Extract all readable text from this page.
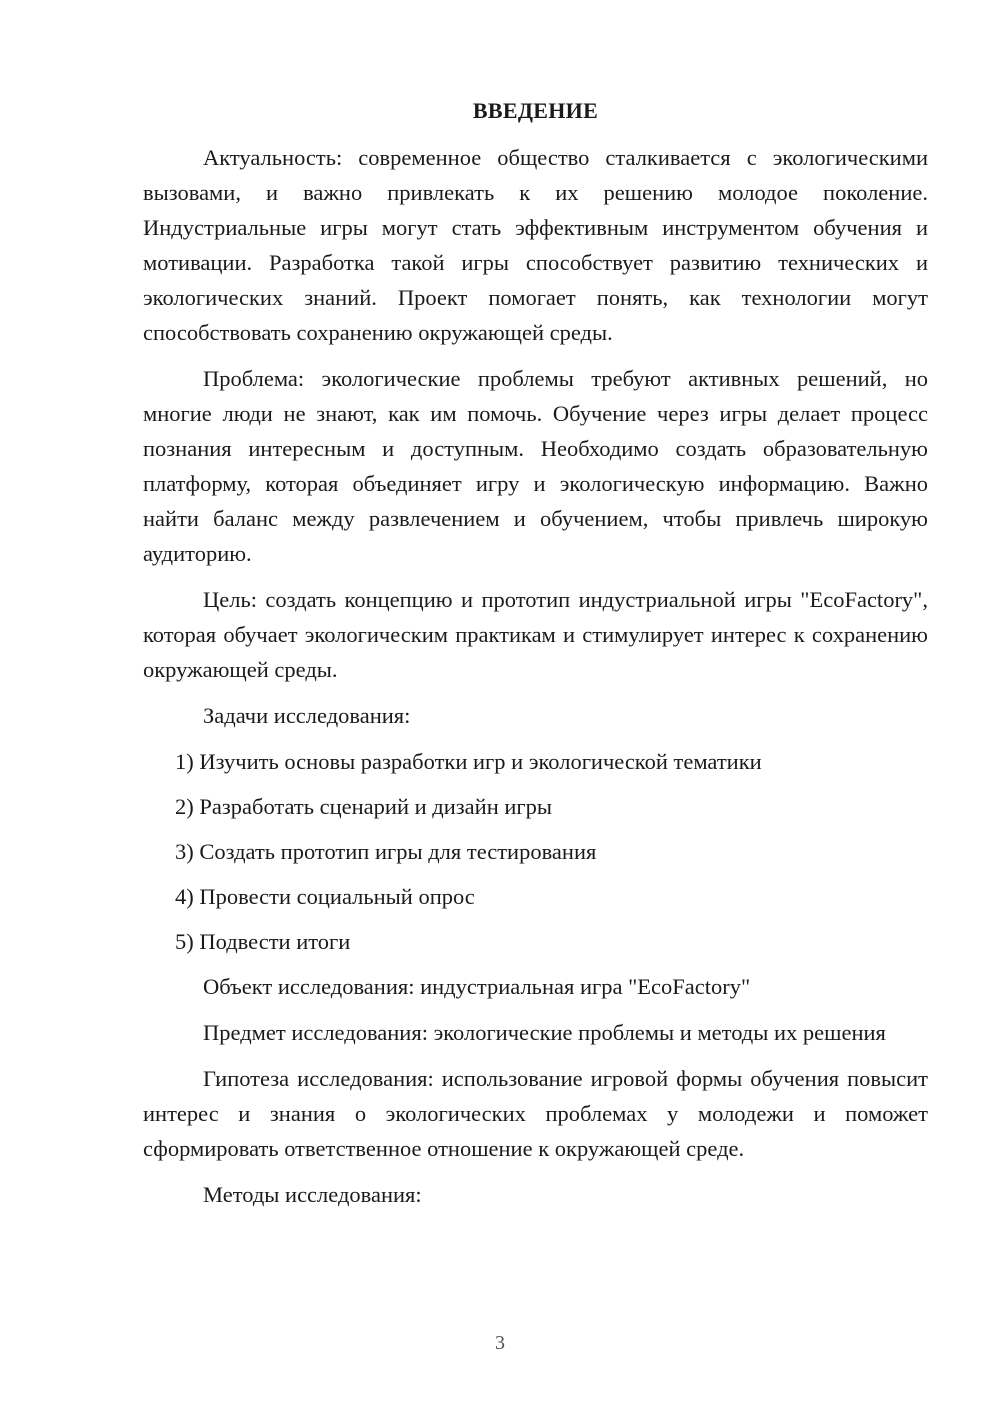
ВВЕДЕНИЕ

Актуальность: современное общество сталкивается с экологическими вызовами, и важно привлекать к их решению молодое поколение. Индустриальные игры могут стать эффективным инструментом обучения и мотивации. Разработка такой игры способствует развитию технических и экологических знаний. Проект помогает понять, как технологии могут способствовать сохранению окружающей среды.

Проблема: экологические проблемы требуют активных решений, но многие люди не знают, как им помочь. Обучение через игры делает процесс познания интересным и доступным. Необходимо создать образовательную платформу, которая объединяет игру и экологическую информацию. Важно найти баланс между развлечением и обучением, чтобы привлечь широкую аудиторию.

Цель: создать концепцию и прототип индустриальной игры "EcoFactory", которая обучает экологическим практикам и стимулирует интерес к сохранению окружающей среды.

Задачи исследования:

1) Изучить основы разработки игр и экологической тематики
2) Разработать сценарий и дизайн игры
3) Создать прототип игры для тестирования
4) Провести социальный опрос
5) Подвести итоги

Объект исследования: индустриальная игра "EcoFactory"

Предмет исследования: экологические проблемы и методы их решения

Гипотеза исследования: использование игровой формы обучения повысит интерес и знания о экологических проблемах у молодежи и поможет сформировать ответственное отношение к окружающей среде.

Методы исследования:

3
